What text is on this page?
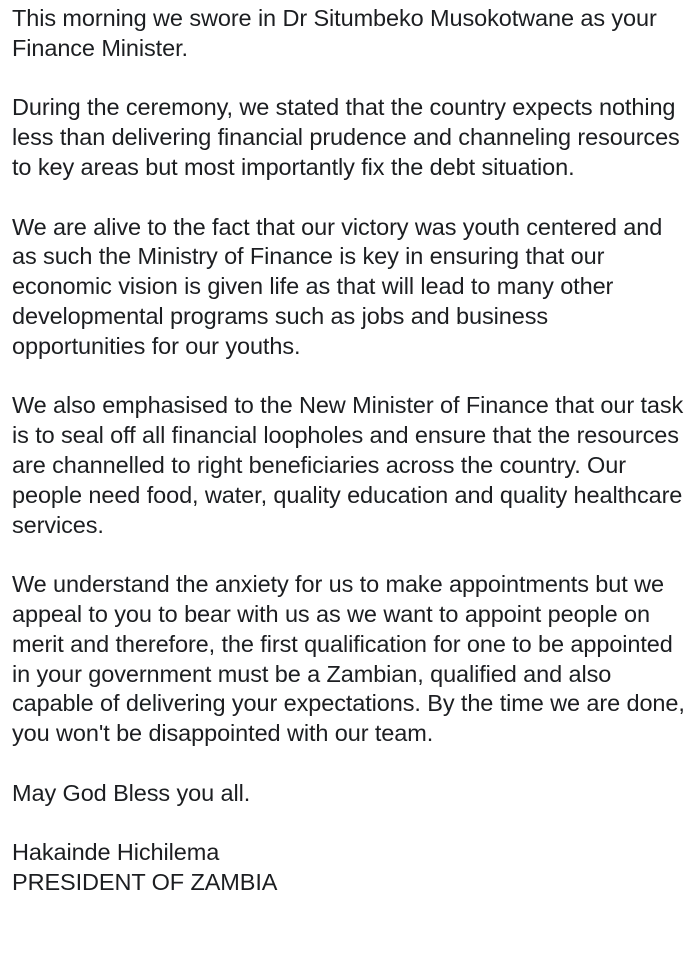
This morning we swore in Dr Situmbeko Musokotwane as your Finance Minister.

During the ceremony, we stated that the country expects nothing less than delivering financial prudence and channeling resources to key areas but most importantly fix the debt situation.

We are alive to the fact that our victory was youth centered and as such the Ministry of Finance is key in ensuring that our economic vision is given life as that will lead to many other developmental programs such as jobs and business opportunities for our youths.

We also emphasised to the New Minister of Finance that our task is to seal off all financial loopholes and ensure that the resources are channelled to right beneficiaries across the country. Our people need food, water, quality education and quality healthcare services.

We understand the anxiety for us to make appointments but we appeal to you to bear with us as we want to appoint people on merit and therefore, the first qualification for one to be appointed in your government must be a Zambian, qualified and also capable of delivering your expectations. By the time we are done, you won't be disappointed with our team.

May God Bless you all.

Hakainde Hichilema
PRESIDENT OF ZAMBIA
